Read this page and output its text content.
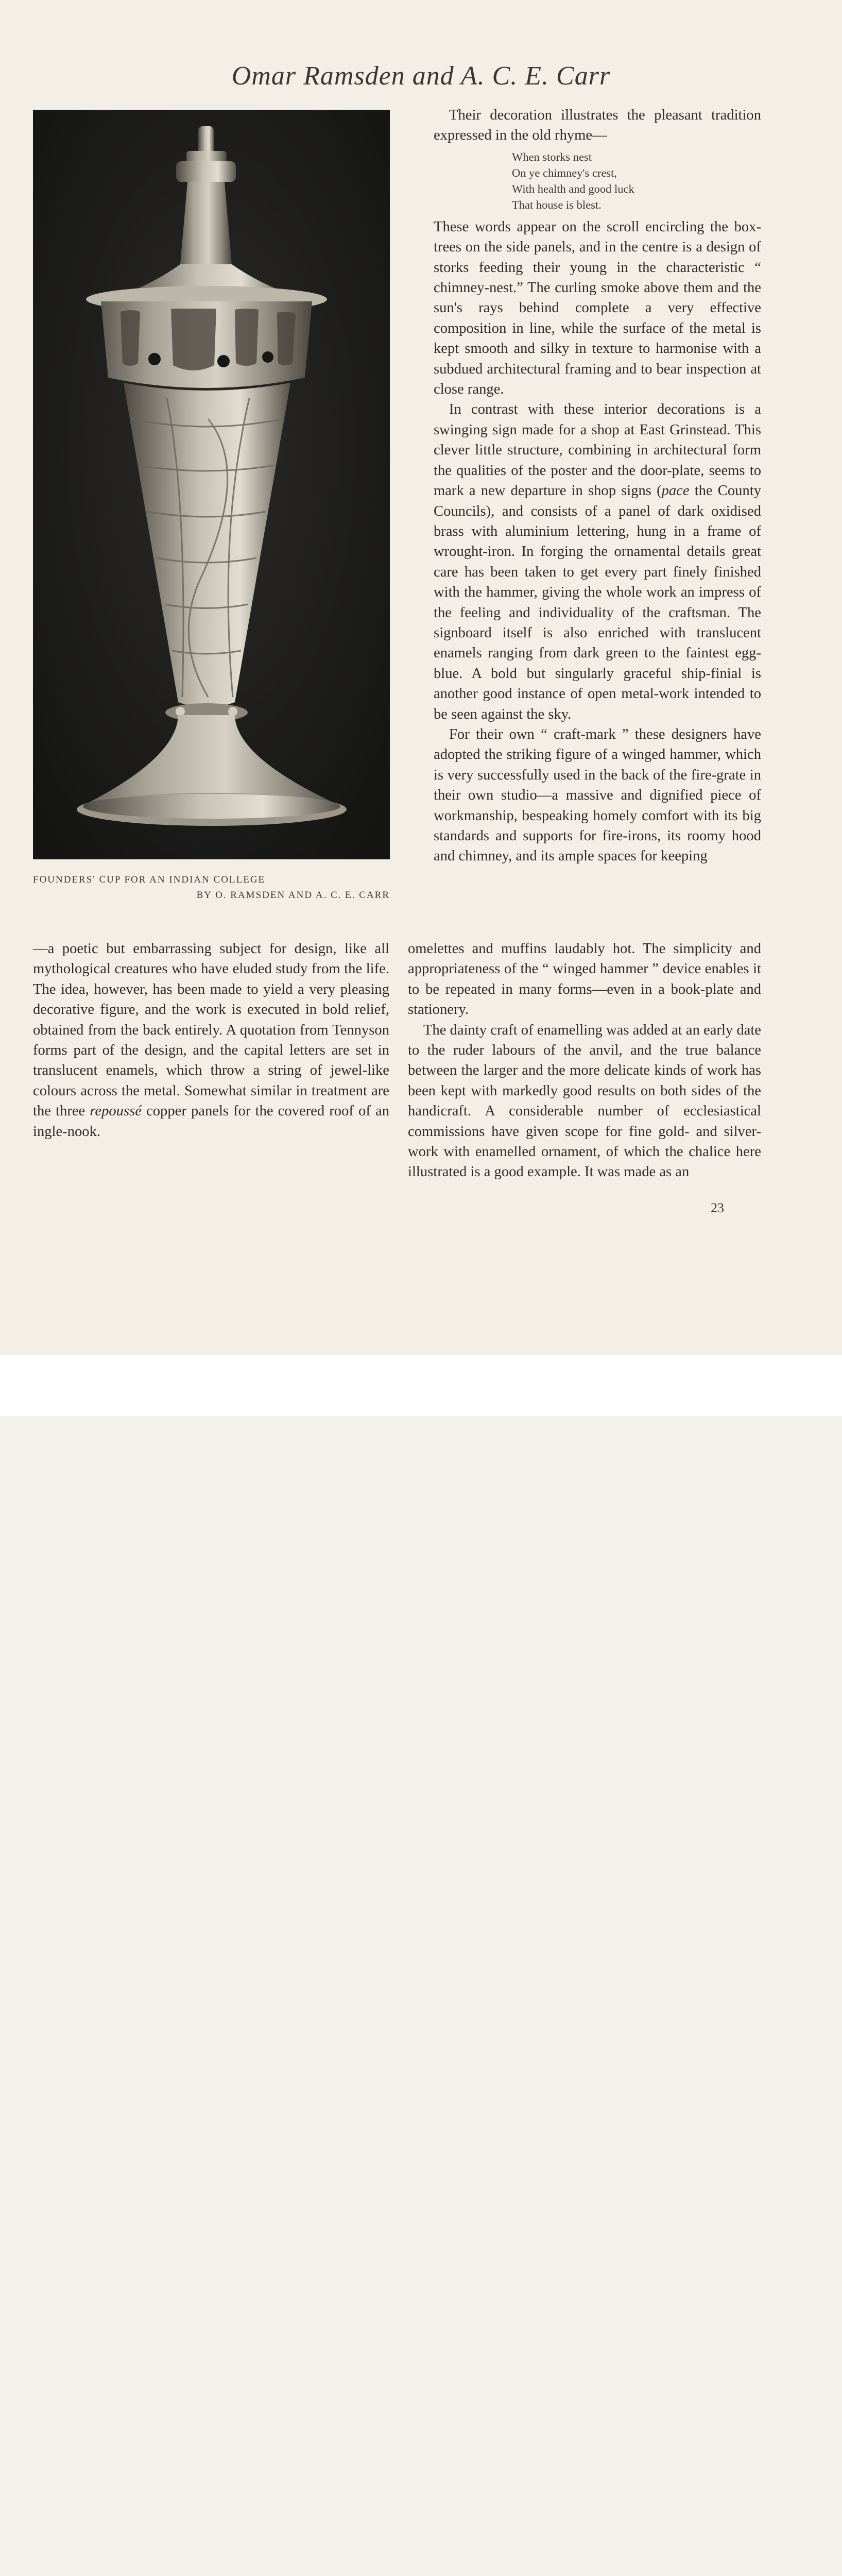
Omar Ramsden and A. C. E. Carr
FOUNDERS' CUP FOR AN INDIAN COLLEGE
BY O. RAMSDEN AND A. C. E. CARR

Their decoration illustrates the pleasant tradition expressed in the old rhyme—

When storks nest
On ye chimney's crest,
With health and good luck
That house is blest.

These words appear on the scroll encircling the box-trees on the side panels, and in the centre is a design of storks feeding their young in the characteristic “ chimney-nest.” The curling smoke above them and the sun's rays behind complete a very effective composition in line, while the surface of the metal is kept smooth and silky in texture to harmonise with a subdued architectural framing and to bear inspection at close range.

In contrast with these interior decorations is a swinging sign made for a shop at East Grinstead. This clever little structure, combining in architectural form the qualities of the poster and the door-plate, seems to mark a new departure in shop signs (pace the County Councils), and consists of a panel of dark oxidised brass with aluminium lettering, hung in a frame of wrought-iron. In forging the ornamental details great care has been taken to get every part finely finished with the hammer, giving the whole work an impress of the feeling and individuality of the craftsman. The signboard itself is also enriched with translucent enamels ranging from dark green to the faintest egg-blue. A bold but singularly graceful ship-finial is another good instance of open metal-work intended to be seen against the sky.

For their own “ craft-mark ” these designers have adopted the striking figure of a winged hammer, which is very successfully used in the back of the fire-grate in their own studio—a massive and dignified piece of workmanship, bespeaking homely comfort with its big standards and supports for fire-irons, its roomy hood and chimney, and its ample spaces for keeping

—a poetic but embarrassing subject for design, like all mythological creatures who have eluded study from the life. The idea, however, has been made to yield a very pleasing decorative figure, and the work is executed in bold relief, obtained from the back entirely. A quotation from Tennyson forms part of the design, and the capital letters are set in translucent enamels, which throw a string of jewel-like colours across the metal. Somewhat similar in treatment are the three repoussé copper panels for the covered roof of an ingle-nook.

omelettes and muffins laudably hot. The simplicity and appropriateness of the “ winged hammer ” device enables it to be repeated in many forms—even in a book-plate and stationery.

The dainty craft of enamelling was added at an early date to the ruder labours of the anvil, and the true balance between the larger and the more delicate kinds of work has been kept with markedly good results on both sides of the handicraft. A considerable number of ecclesiastical commissions have given scope for fine gold- and silver-work with enamelled ornament, of which the chalice here illustrated is a good example. It was made as an

23
